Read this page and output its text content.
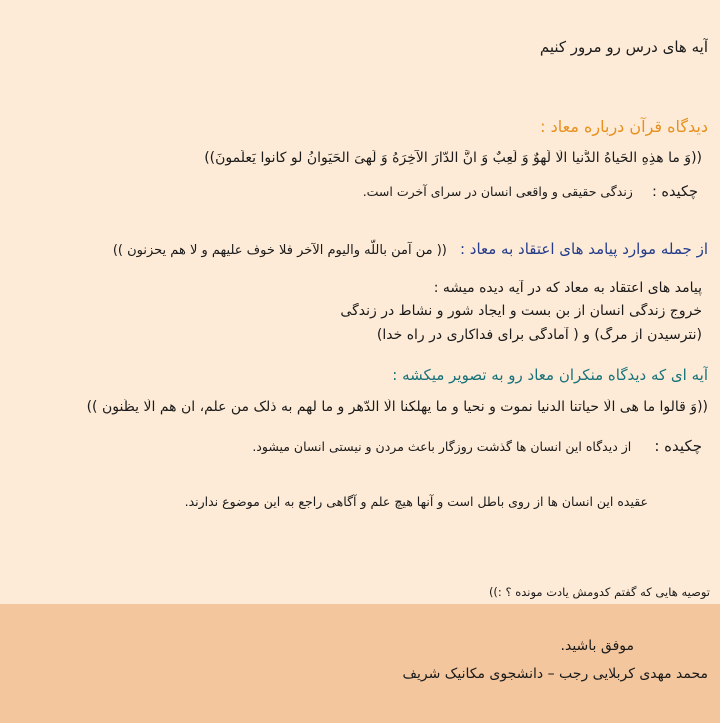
آیه های درس رو مرور کنیم
دیدگاه قرآن درباره معاد :
((وَ ما هذِهِ الحَیاهُ الدُّنیا الّا لَهوٌ وَ لَعِبٌ وَ انَّ الدّارَ الآخِرَهُ وَ لَهِیَ الحَیَوانُ لو کانوا یَعلَمونَ))
چکیده : زندگی حقیقی و واقعی انسان در سرای آخرت است.
از جمله موارد پیامد های اعتقاد به معاد : (( من آمن باللّه والیوم الآخر فلا خوف علیهم و لا هم یحزنون ))
پیامد های اعتقاد به معاد که در آیه دیده میشه :
خروج زندگی انسان از بن بست و ایجاد شور و نشاط در زندگی
(نترسیدن از مرگ) و ( آمادگی برای فداکاری در راه خدا)
آیه ای که دیدگاه منکران معاد رو به تصویر میکشه :
((وَ قالوا ما هی الّا حیاتنا الدنیا نموت و نحیا و ما یهلکنا الّا الدّهر و ما لهم به ذلک من علم، ان هم الّا یظّنون ))
چکیده : از دیدگاه این انسان ها گذشت روزگار باعث مردن و نیستی انسان میشود.
عقیده این انسان ها از روی باطل است و آنها هیچ علم و آگاهی راجع به این موضوع ندارند.
توصیه هایی که گفتم کدومش یادت مونده ؟ :))
موفق باشید.
محمد مهدی کربلایی رجب – دانشجوی مکانیک شریف
